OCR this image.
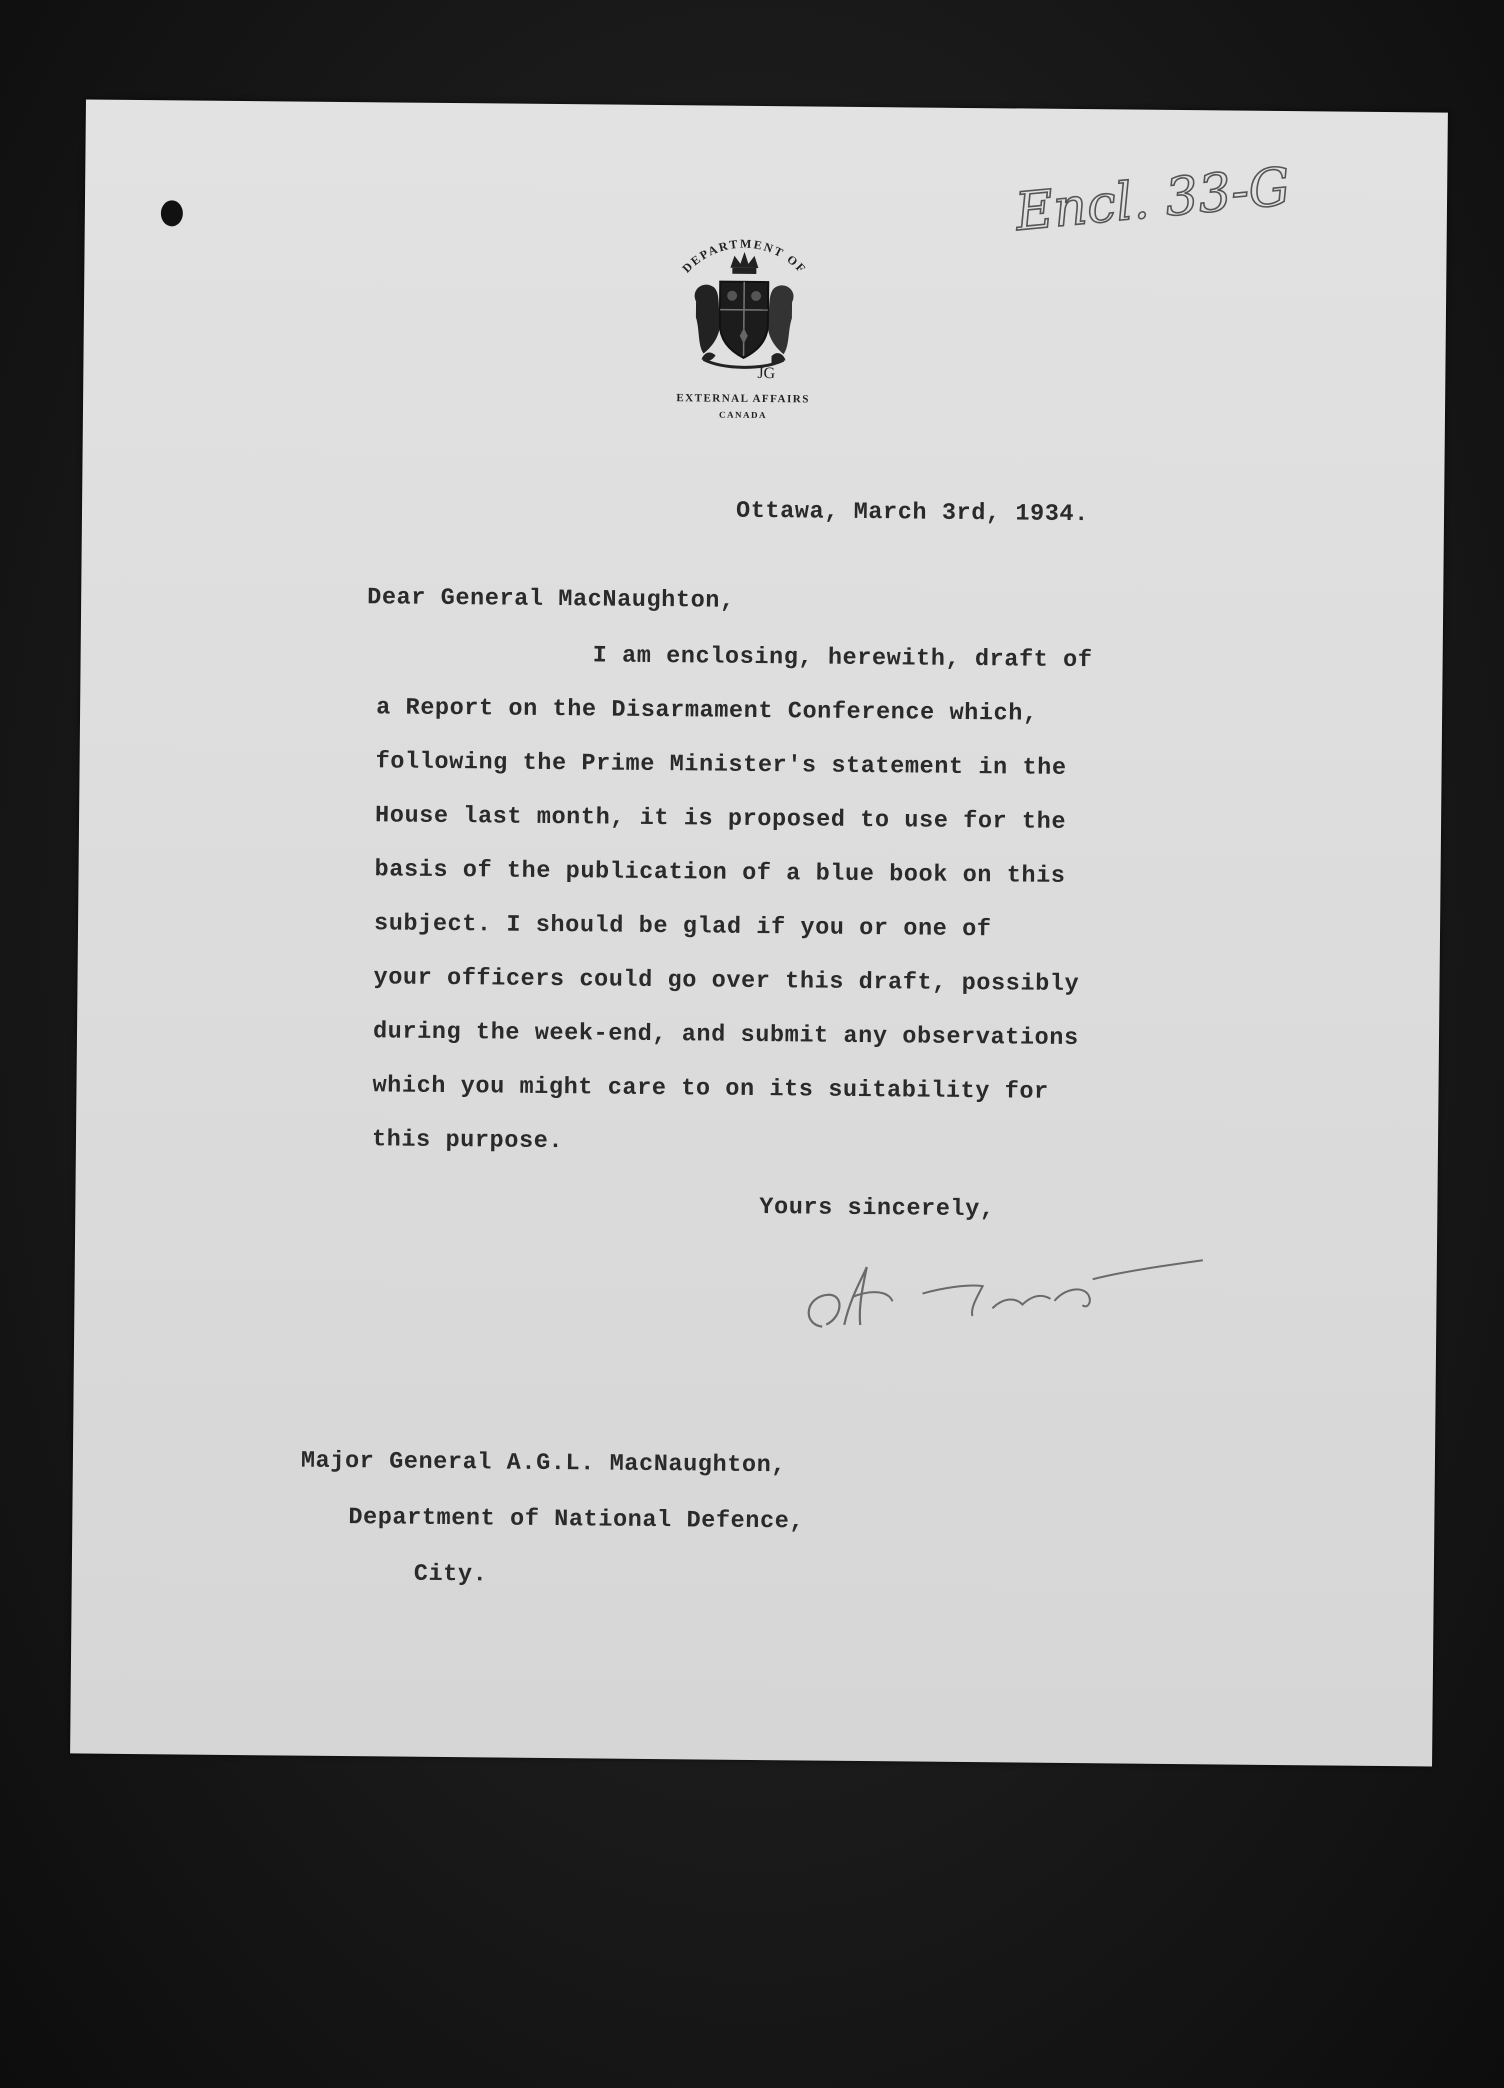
DEPARTMENT OF
JG
EXTERNAL AFFAIRS
CANADA
Encl. 33-G
Ottawa, March 3rd, 1934.
Dear General MacNaughton,
I am enclosing, herewith, draft of
a Report on the Disarmament Conference which,
following the Prime Minister's statement in the
House last month, it is proposed to use for the
basis of the publication of a blue book on this
subject. I should be glad if you or one of
your officers could go over this draft, possibly
during the week-end, and submit any observations
which you might care to on its suitability for
this purpose.
Yours sincerely,
Major General A.G.L. MacNaughton,
Department of National Defence,
City.
